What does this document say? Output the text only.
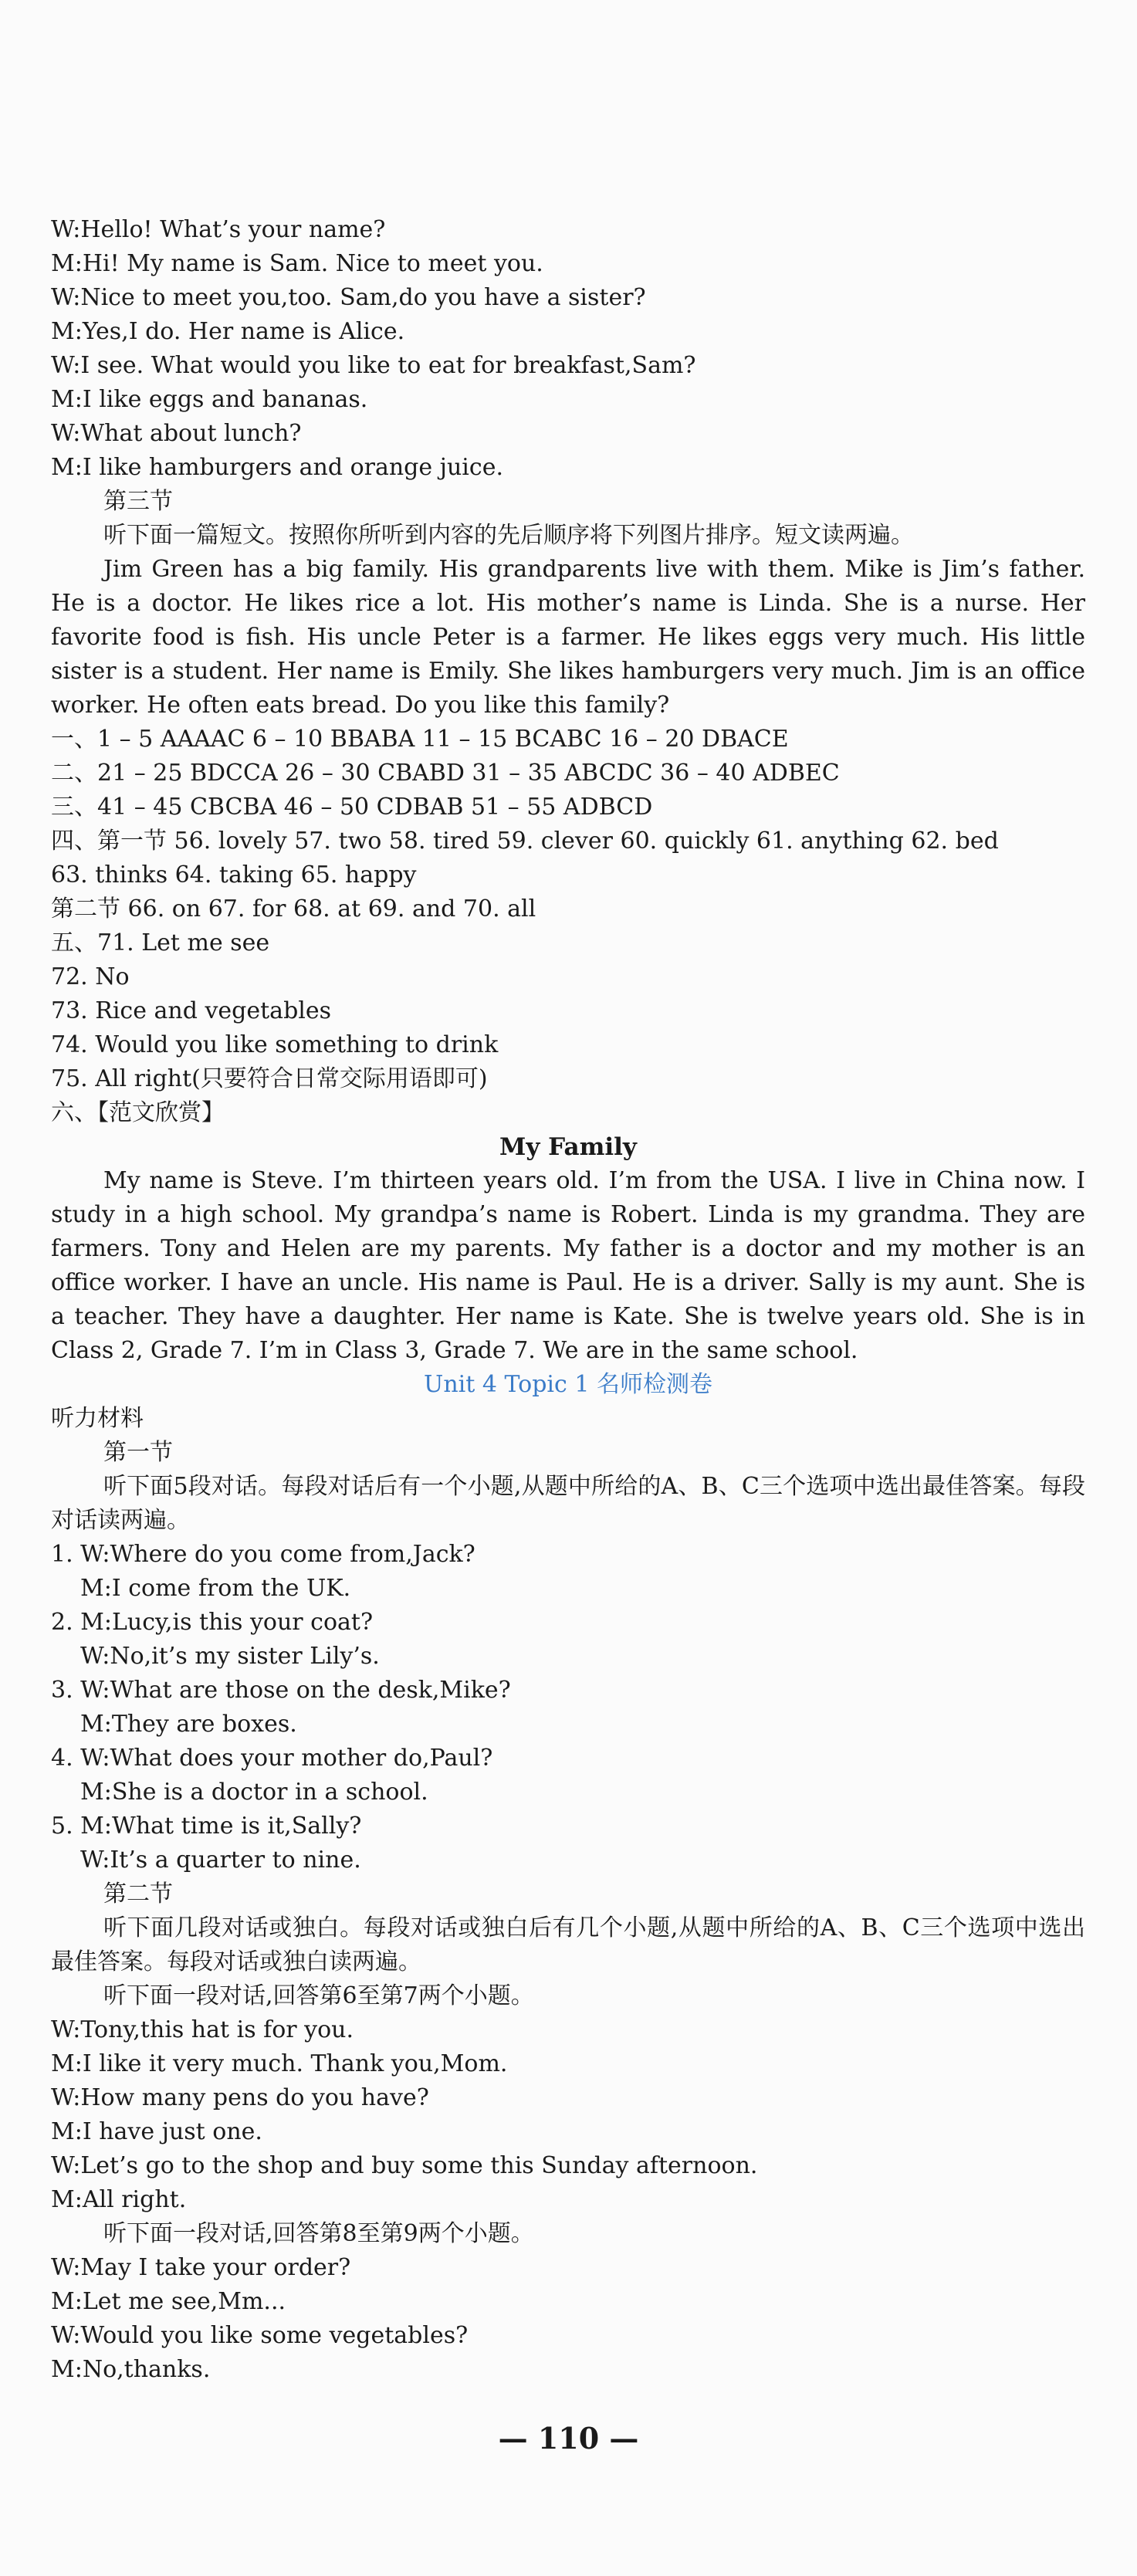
W:Hello! What’s your name?
M:Hi! My name is Sam. Nice to meet you.
W:Nice to meet you,too. Sam,do you have a sister?
M:Yes,I do. Her name is Alice.
W:I see. What would you like to eat for breakfast,Sam?
M:I like eggs and bananas.
W:What about lunch?
M:I like hamburgers and orange juice.
第三节
听下面一篇短文。按照你所听到内容的先后顺序将下列图片排序。短文读两遍。
Jim Green has a big family. His grandparents live with them. Mike is Jim’s father. He is a doctor. He likes rice a lot. His mother’s name is Linda. She is a nurse. Her favorite food is fish. His uncle Peter is a farmer. He likes eggs very much. His little sister is a student. Her name is Emily. She likes hamburgers very much. Jim is an office worker. He often eats bread. Do you like this family?
一、1 – 5 AAAAC 6 – 10 BBABA 11 – 15 BCABC 16 – 20 DBACE
二、21 – 25 BDCCA 26 – 30 CBABD 31 – 35 ABCDC 36 – 40 ADBEC
三、41 – 45 CBCBA 46 – 50 CDBAB 51 – 55 ADBCD
四、第一节 56. lovely 57. two 58. tired 59. clever 60. quickly 61. anything 62. bed
63. thinks 64. taking 65. happy
第二节 66. on 67. for 68. at 69. and 70. all
五、71. Let me see
72. No
73. Rice and vegetables
74. Would you like something to drink
75. All right(只要符合日常交际用语即可)
六、【范文欣赏】
My Family
My name is Steve. I’m thirteen years old. I’m from the USA. I live in China now. I study in a high school. My grandpa’s name is Robert. Linda is my grandma. They are farmers. Tony and Helen are my parents. My father is a doctor and my mother is an office worker. I have an uncle. His name is Paul. He is a driver. Sally is my aunt. She is a teacher. They have a daughter. Her name is Kate. She is twelve years old. She is in Class 2, Grade 7. I’m in Class 3, Grade 7. We are in the same school.
Unit 4 Topic 1 名师检测卷
听力材料
第一节
听下面5段对话。每段对话后有一个小题,从题中所给的A、B、C三个选项中选出最佳答案。每段对话读两遍。
1. W:Where do you come from,Jack?
M:I come from the UK.
2. M:Lucy,is this your coat?
W:No,it’s my sister Lily’s.
3. W:What are those on the desk,Mike?
M:They are boxes.
4. W:What does your mother do,Paul?
M:She is a doctor in a school.
5. M:What time is it,Sally?
W:It’s a quarter to nine.
第二节
听下面几段对话或独白。每段对话或独白后有几个小题,从题中所给的A、B、C三个选项中选出最佳答案。每段对话或独白读两遍。
听下面一段对话,回答第6至第7两个小题。
W:Tony,this hat is for you.
M:I like it very much. Thank you,Mom.
W:How many pens do you have?
M:I have just one.
W:Let’s go to the shop and buy some this Sunday afternoon.
M:All right.
听下面一段对话,回答第8至第9两个小题。
W:May I take your order?
M:Let me see,Mm...
W:Would you like some vegetables?
M:No,thanks.
— 110 —
